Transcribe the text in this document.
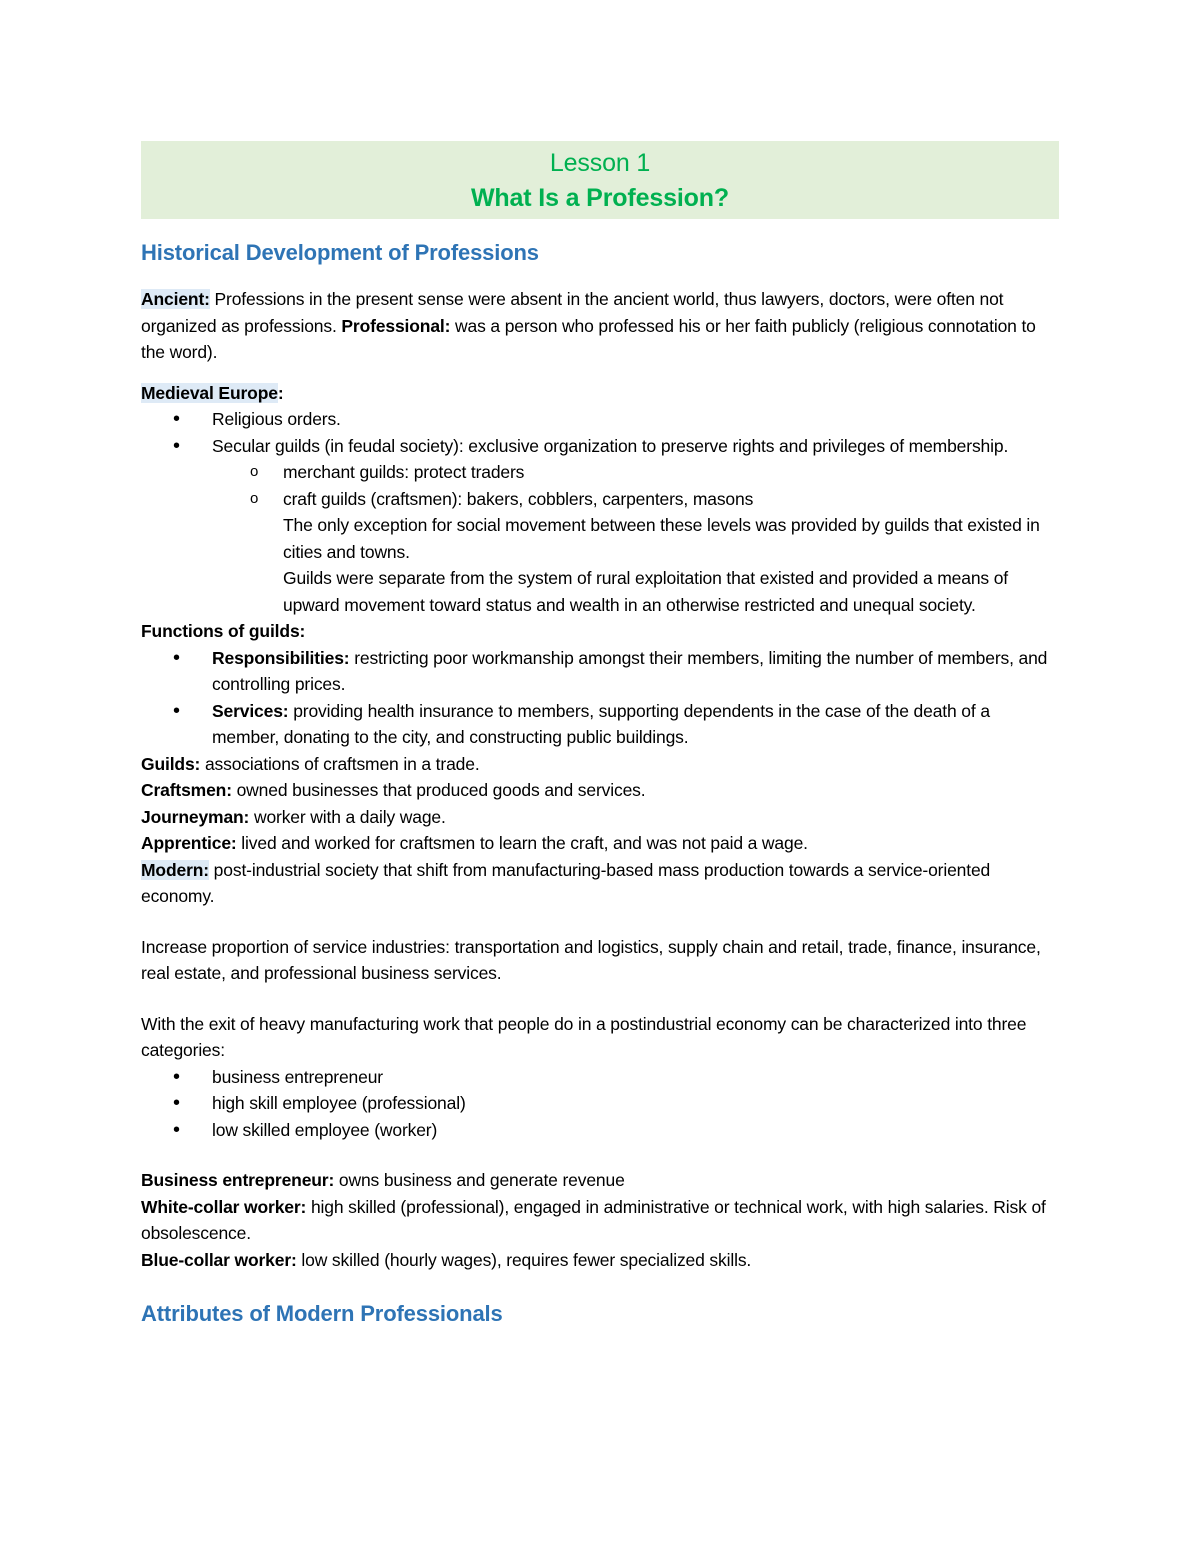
Lesson 1
What Is a Profession?
Historical Development of Professions
Ancient: Professions in the present sense were absent in the ancient world, thus lawyers, doctors, were often not organized as professions. Professional: was a person who professed his or her faith publicly (religious connotation to the word).
Medieval Europe:
• Religious orders.
• Secular guilds (in feudal society): exclusive organization to preserve rights and privileges of membership.
o merchant guilds: protect traders
o craft guilds (craftsmen): bakers, cobblers, carpenters, masons
The only exception for social movement between these levels was provided by guilds that existed in cities and towns.
Guilds were separate from the system of rural exploitation that existed and provided a means of upward movement toward status and wealth in an otherwise restricted and unequal society.
Functions of guilds:
• Responsibilities: restricting poor workmanship amongst their members, limiting the number of members, and controlling prices.
• Services: providing health insurance to members, supporting dependents in the case of the death of a member, donating to the city, and constructing public buildings.
Guilds: associations of craftsmen in a trade.
Craftsmen: owned businesses that produced goods and services.
Journeyman: worker with a daily wage.
Apprentice: lived and worked for craftsmen to learn the craft, and was not paid a wage.
Modern: post-industrial society that shift from manufacturing-based mass production towards a service-oriented economy.
Increase proportion of service industries: transportation and logistics, supply chain and retail, trade, finance, insurance, real estate, and professional business services.
With the exit of heavy manufacturing work that people do in a postindustrial economy can be characterized into three categories:
• business entrepreneur
• high skill employee (professional)
• low skilled employee (worker)
Business entrepreneur: owns business and generate revenue
White-collar worker: high skilled (professional), engaged in administrative or technical work, with high salaries. Risk of obsolescence.
Blue-collar worker: low skilled (hourly wages), requires fewer specialized skills.
Attributes of Modern Professionals
